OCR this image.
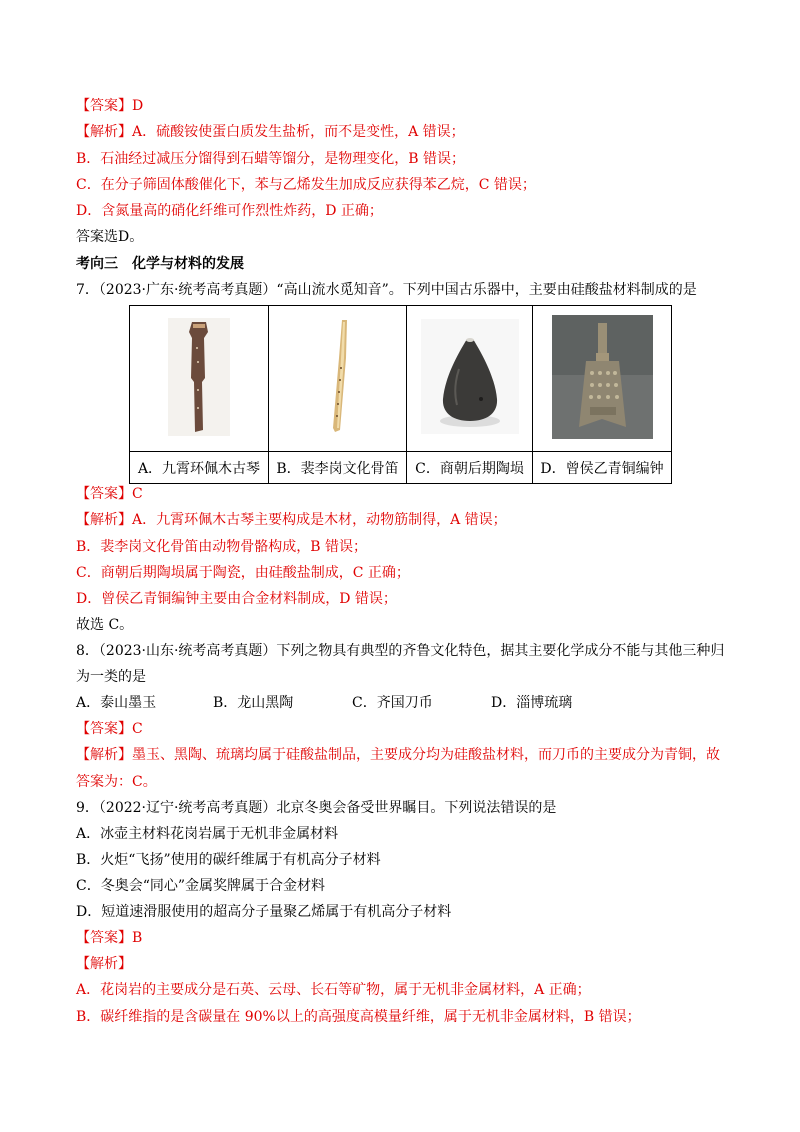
【答案】D
【解析】A．硫酸铵使蛋白质发生盐析，而不是变性，A 错误；
B．石油经过减压分馏得到石蜡等馏分，是物理变化，B 错误；
C．在分子筛固体酸催化下，苯与乙烯发生加成反应获得苯乙烷，C 错误；
D．含氮量高的硝化纤维可作烈性炸药，D 正确；
答案选D。
考向三　化学与材料的发展
7．（2023·广东·统考高考真题）“高山流水觅知音”。下列中国古乐器中，主要由硅酸盐材料制成的是

A．九霄环佩木古琴	B．裴李岗文化骨笛	C．商朝后期陶埙	D．曾侯乙青铜编钟
【答案】C
【解析】A．九霄环佩木古琴主要构成是木材，动物筋制得，A 错误；
B．裴李岗文化骨笛由动物骨骼构成，B 错误；
C．商朝后期陶埙属于陶瓷，由硅酸盐制成，C 正确；
D．曾侯乙青铜编钟主要由合金材料制成，D 错误；
故选 C。
8．（2023·山东·统考高考真题）下列之物具有典型的齐鲁文化特色，据其主要化学成分不能与其他三种归
为一类的是
A．泰山墨玉	B．龙山黑陶	C．齐国刀币	D．淄博琉璃
【答案】C
【解析】墨玉、黑陶、琉璃均属于硅酸盐制品，主要成分均为硅酸盐材料，而刀币的主要成分为青铜，故
答案为：C。
9．（2022·辽宁·统考高考真题）北京冬奥会备受世界瞩目。下列说法错误的是
A．冰壶主材料花岗岩属于无机非金属材料
B．火炬“飞扬”使用的碳纤维属于有机高分子材料
C．冬奥会“同心”金属奖牌属于合金材料
D．短道速滑服使用的超高分子量聚乙烯属于有机高分子材料
【答案】B
【解析】
A．花岗岩的主要成分是石英、云母、长石等矿物，属于无机非金属材料，A 正确；
B．碳纤维指的是含碳量在 90%以上的高强度高模量纤维，属于无机非金属材料，B 错误；
